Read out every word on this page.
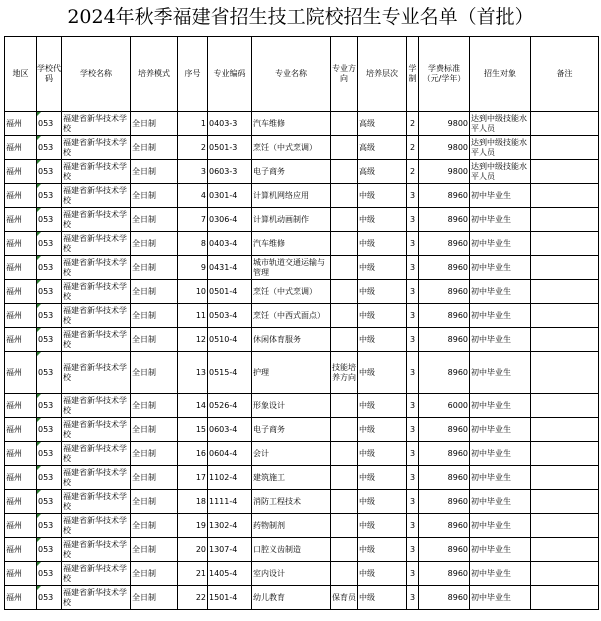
2024年秋季福建省招生技工院校招生专业名单（首批）
地区	学校代码	学校名称	培养模式	序号	专业编码	专业名称	专业方向	培养层次	学制	学费标准（元/学年）	招生对象	备注
福州	053	福建省新华技术学校	全日制	1	0403-3	汽车维修		高级	2	9800	达到中级技能水平人员	
福州	053	福建省新华技术学校	全日制	2	0501-3	烹饪（中式烹调）		高级	2	9800	达到中级技能水平人员	
福州	053	福建省新华技术学校	全日制	3	0603-3	电子商务		高级	2	9800	达到中级技能水平人员	
福州	053	福建省新华技术学校	全日制	4	0301-4	计算机网络应用		中级	3	8960	初中毕业生	
福州	053	福建省新华技术学校	全日制	7	0306-4	计算机动画制作		中级	3	8960	初中毕业生	
福州	053	福建省新华技术学校	全日制	8	0403-4	汽车维修		中级	3	8960	初中毕业生	
福州	053	福建省新华技术学校	全日制	9	0431-4	城市轨道交通运输与管理		中级	3	8960	初中毕业生	
福州	053	福建省新华技术学校	全日制	10	0501-4	烹饪（中式烹调）		中级	3	8960	初中毕业生	
福州	053	福建省新华技术学校	全日制	11	0503-4	烹饪（中西式面点）		中级	3	8960	初中毕业生	
福州	053	福建省新华技术学校	全日制	12	0510-4	休闲体育服务		中级	3	8960	初中毕业生	
福州	053	福建省新华技术学校	全日制	13	0515-4	护理	技能培养方向	中级	3	8960	初中毕业生	
福州	053	福建省新华技术学校	全日制	14	0526-4	形象设计		中级	3	6000	初中毕业生	
福州	053	福建省新华技术学校	全日制	15	0603-4	电子商务		中级	3	8960	初中毕业生	
福州	053	福建省新华技术学校	全日制	16	0604-4	会计		中级	3	8960	初中毕业生	
福州	053	福建省新华技术学校	全日制	17	1102-4	建筑施工		中级	3	8960	初中毕业生	
福州	053	福建省新华技术学校	全日制	18	1111-4	消防工程技术		中级	3	8960	初中毕业生	
福州	053	福建省新华技术学校	全日制	19	1302-4	药物制剂		中级	3	8960	初中毕业生	
福州	053	福建省新华技术学校	全日制	20	1307-4	口腔义齿制造		中级	3	8960	初中毕业生	
福州	053	福建省新华技术学校	全日制	21	1405-4	室内设计		中级	3	8960	初中毕业生	
福州	053	福建省新华技术学校	全日制	22	1501-4	幼儿教育	保育员	中级	3	8960	初中毕业生	
